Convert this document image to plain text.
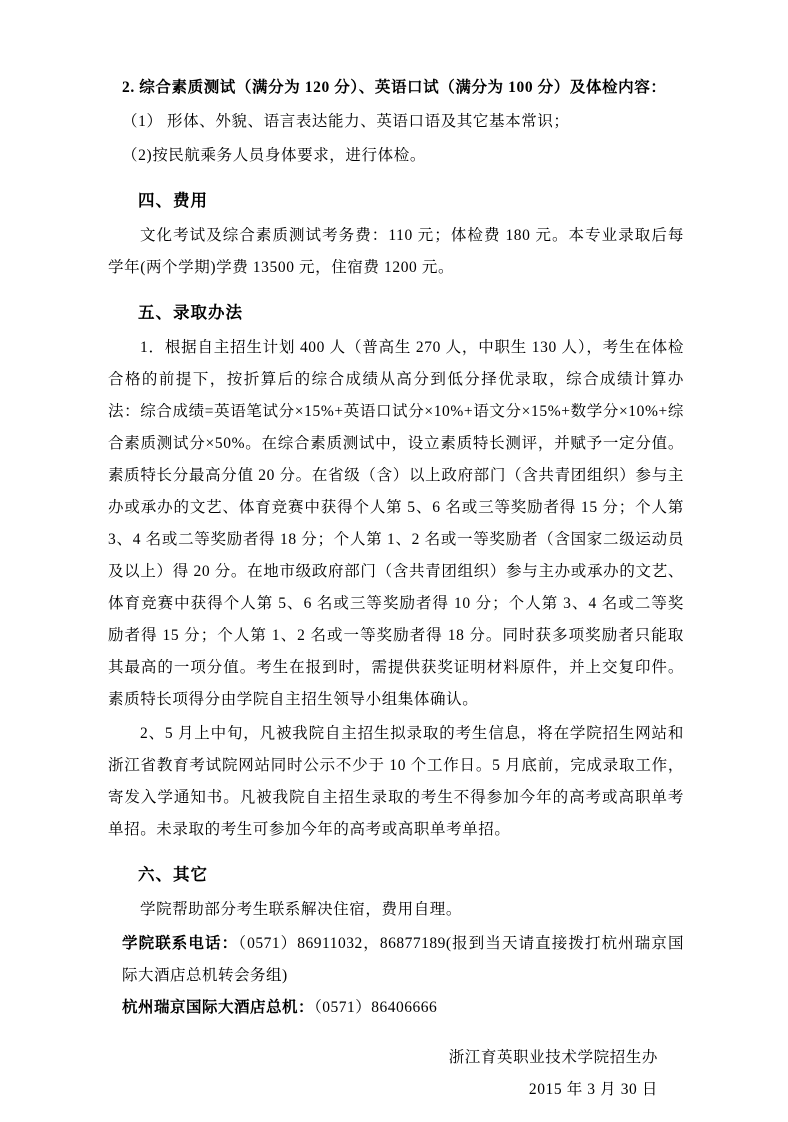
2. 综合素质测试（满分为 120 分）、英语口试（满分为 100 分）及体检内容：
（1） 形体、外貌、语言表达能力、英语口语及其它基本常识；
（2)按民航乘务人员身体要求，进行体检。
四、费用
文化考试及综合素质测试考务费：110 元；体检费 180 元。本专业录取后每学年(两个学期)学费 13500 元，住宿费 1200 元。
五、录取办法
1．根据自主招生计划 400 人（普高生 270 人，中职生 130 人），考生在体检合格的前提下，按折算后的综合成绩从高分到低分择优录取，综合成绩计算办法：综合成绩=英语笔试分×15%+英语口试分×10%+语文分×15%+数学分×10%+综合素质测试分×50%。在综合素质测试中，设立素质特长测评，并赋予一定分值。素质特长分最高分值 20 分。在省级（含）以上政府部门（含共青团组织）参与主办或承办的文艺、体育竞赛中获得个人第 5、6 名或三等奖励者得 15 分；个人第 3、4 名或二等奖励者得 18 分；个人第 1、2 名或一等奖励者（含国家二级运动员及以上）得 20 分。在地市级政府部门（含共青团组织）参与主办或承办的文艺、体育竞赛中获得个人第 5、6 名或三等奖励者得 10 分；个人第 3、4 名或二等奖励者得 15 分；个人第 1、2 名或一等奖励者得 18 分。同时获多项奖励者只能取其最高的一项分值。考生在报到时，需提供获奖证明材料原件，并上交复印件。素质特长项得分由学院自主招生领导小组集体确认。
2、5 月上中旬，凡被我院自主招生拟录取的考生信息，将在学院招生网站和浙江省教育考试院网站同时公示不少于 10 个工作日。5 月底前，完成录取工作，寄发入学通知书。凡被我院自主招生录取的考生不得参加今年的高考或高职单考单招。未录取的考生可参加今年的高考或高职单考单招。
六、其它
学院帮助部分考生联系解决住宿，费用自理。
学院联系电话：（0571）86911032，86877189(报到当天请直接拨打杭州瑞京国际大酒店总机转会务组)
杭州瑞京国际大酒店总机：（0571）86406666
浙江育英职业技术学院招生办
2015 年 3 月 30 日
